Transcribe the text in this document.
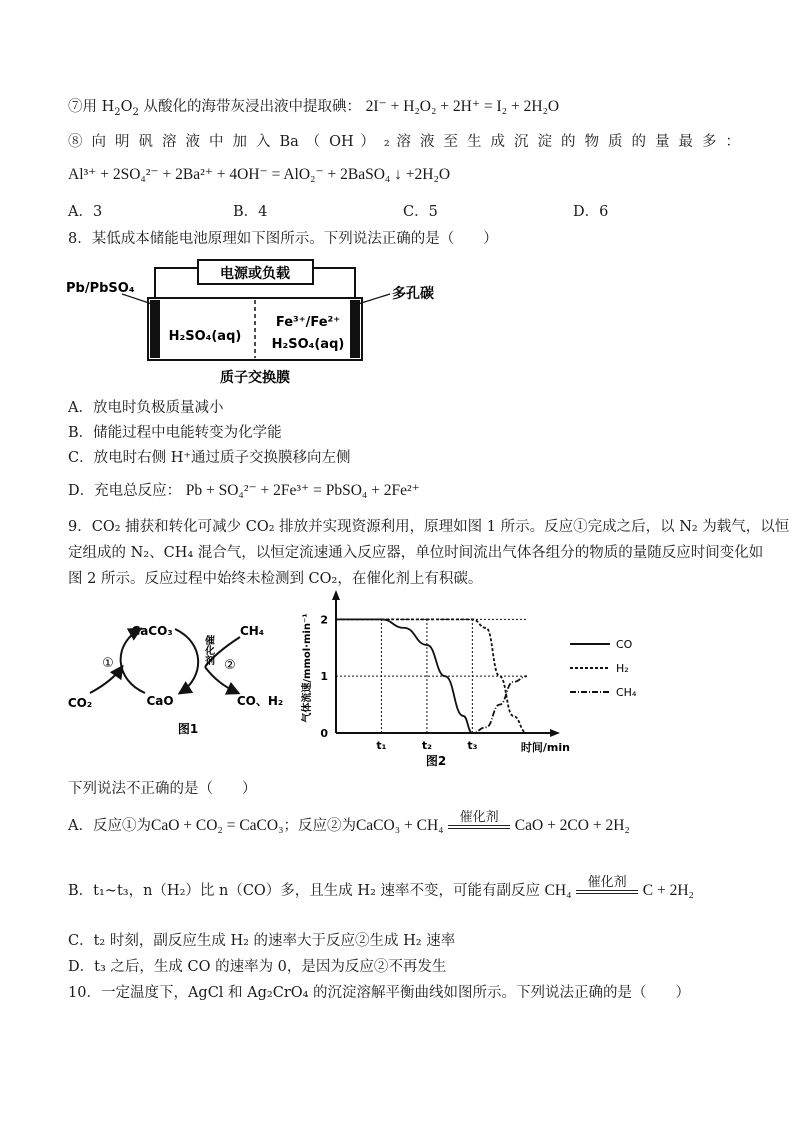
⑦用 $H_2O_2$ 从酸化的海带灰浸出液中提取碘： 2I⁻ + H₂O₂ + 2H⁺ = I₂ + 2H₂O
⑧ 向 明 矾 溶 液 中 加 入 Ba （ OH ） ₂ 溶 液 至 生 成 沉 淀 的 物 质 的 量 最 多 ：
Al³⁺ + 2SO₄²⁻ + 2Ba²⁺ + 4OH⁻ = AlO₂⁻ + 2BaSO₄ ↓ +2H₂O
A．3	B．4	C．5	D．6
8．某低成本储能电池原理如下图所示。下列说法正确的是（　　）
电源或负载
Pb/PbSO₄	多孔碳
H₂SO₄(aq)
Fe³⁺/Fe²⁺
H₂SO₄(aq)
质子交换膜
A．放电时负极质量减小
B．储能过程中电能转变为化学能
C．放电时右侧 H⁺通过质子交换膜移向左侧
D．充电总反应： Pb + SO₄²⁻ + 2Fe³⁺ = PbSO₄ + 2Fe²⁺
9．CO₂ 捕获和转化可减少 CO₂ 排放并实现资源利用，原理如图 1 所示。反应①完成之后，以 N₂ 为载气，以恒
定组成的 N₂、CH₄ 混合气，以恒定流速通入反应器，单位时间流出气体各组分的物质的量随反应时间变化如
图 2 所示。反应过程中始终未检测到 CO₂，在催化剂上有积碳。
CaCO₃	CH₄
CO₂	CaO	CO、H₂
①	②
催化剂
图1
气体流速/mmol·min⁻¹
0
1
2
t₁	t₂	t₃	时间/min
图2
CO
H₂
CH₄
下列说法不正确的是（　　）
A．反应①为CaO + CO₂ = CaCO₃；反应②为CaCO₃ + CH₄	催化剂	CaO + 2CO + 2H₂
B．t₁~t₃，n（H₂）比 n（CO）多，且生成 H₂ 速率不变，可能有副反应 CH₄	催化剂	C + 2H₂
C．t₂ 时刻，副反应生成 H₂ 的速率大于反应②生成 H₂ 速率
D．t₃ 之后，生成 CO 的速率为 0，是因为反应②不再发生
10．一定温度下，AgCl 和 Ag₂CrO₄ 的沉淀溶解平衡曲线如图所示。下列说法正确的是（　　）
